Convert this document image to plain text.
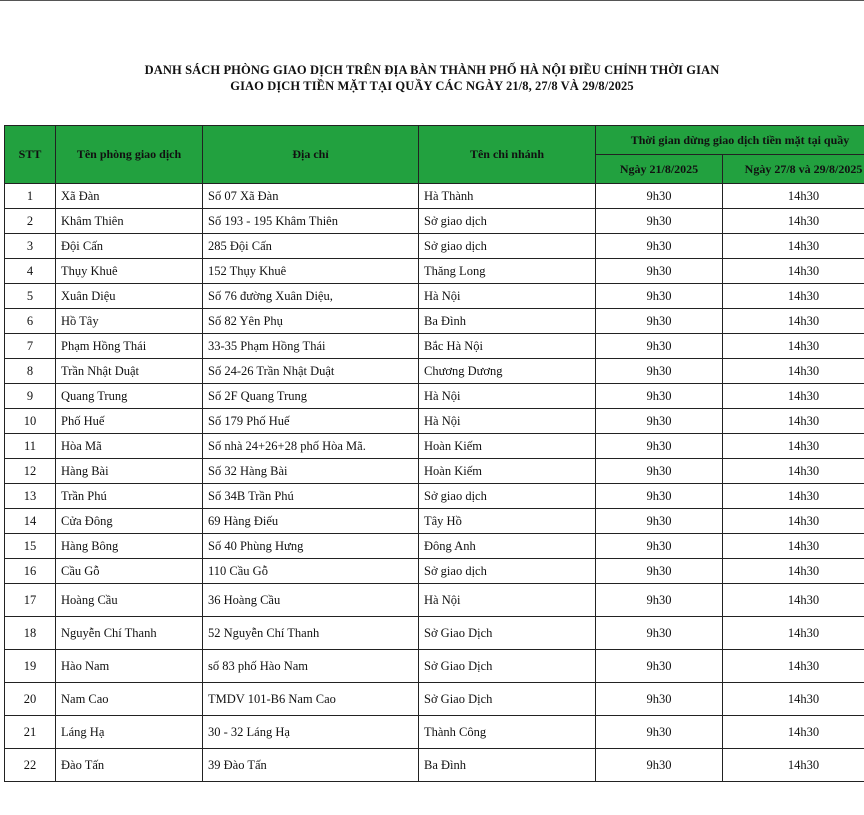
DANH SÁCH PHÒNG GIAO DỊCH TRÊN ĐỊA BÀN THÀNH PHỐ HÀ NỘI ĐIỀU CHỈNH THỜI GIAN
GIAO DỊCH TIỀN MẶT TẠI QUẦY CÁC NGÀY 21/8, 27/8 VÀ 29/8/2025
STT	Tên phòng giao dịch	Địa chỉ	Tên chi nhánh	Thời gian dừng giao dịch tiền mặt tại quầy	
				Ngày 21/8/2025	Ngày 27/8 và 29/8/2025
1	Xã Đàn	Số 07 Xã Đàn	Hà Thành	9h30	14h30
2	Khâm Thiên	Số 193 - 195 Khâm Thiên	Sở giao dịch	9h30	14h30
3	Đội Cấn	285 Đội Cấn	Sở giao dịch	9h30	14h30
4	Thụy Khuê	152 Thụy Khuê	Thăng Long	9h30	14h30
5	Xuân Diệu	Số 76 đường Xuân Diệu,	Hà Nội	9h30	14h30
6	Hồ Tây	Số 82 Yên Phụ	Ba Đình	9h30	14h30
7	Phạm Hồng Thái	33-35 Phạm Hồng Thái	Bắc Hà Nội	9h30	14h30
8	Trần Nhật Duật	Số 24-26 Trần Nhật Duật	Chương Dương	9h30	14h30
9	Quang Trung	Số 2F Quang Trung	Hà Nội	9h30	14h30
10	Phố Huế	Số 179 Phố Huế	Hà Nội	9h30	14h30
11	Hòa Mã	Số nhà 24+26+28 phố Hòa Mã.	Hoàn Kiếm	9h30	14h30
12	Hàng Bài	Số 32 Hàng Bài	Hoàn Kiếm	9h30	14h30
13	Trần Phú	Số 34B Trần Phú	Sở giao dịch	9h30	14h30
14	Cửa Đông	69 Hàng Điếu	Tây Hồ	9h30	14h30
15	Hàng Bông	Số 40 Phùng Hưng	Đông Anh	9h30	14h30
16	Cầu Gỗ	110 Cầu Gỗ	Sở giao dịch	9h30	14h30
17	Hoàng Cầu	36 Hoàng Cầu	Hà Nội	9h30	14h30
18	Nguyễn Chí Thanh	52 Nguyễn Chí Thanh	Sở Giao Dịch	9h30	14h30
19	Hào Nam	số 83 phố Hào Nam	Sở Giao Dịch	9h30	14h30
20	Nam Cao	TMDV 101-B6 Nam Cao	Sở Giao Dịch	9h30	14h30
21	Láng Hạ	30 - 32 Láng Hạ	Thành Công	9h30	14h30
22	Đào Tấn	39 Đào Tấn	Ba Đình	9h30	14h30
